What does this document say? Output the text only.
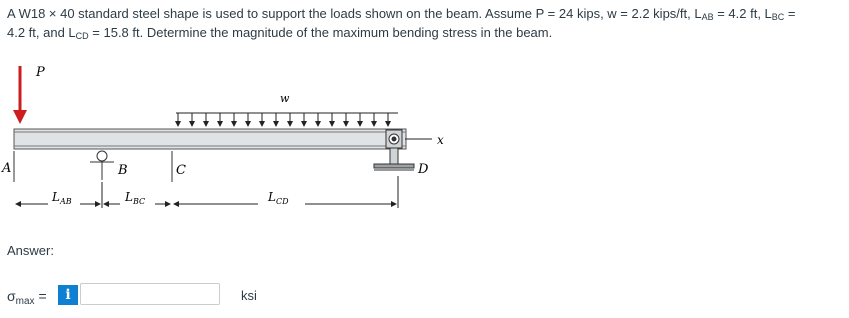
A W18 × 40 standard steel shape is used to support the loads shown on the beam. Assume P = 24 kips, w = 2.2 kips/ft, $L_{AB} = 4.2$ ft, $L_{BC}$ =
4.2 ft, and $L_{CD} = 15.8$ ft. Determine the magnitude of the maximum bending stress in the beam.
P
w
B	C
A	D
x
$L_{AB}$	$L_{BC}$	$L_{CD}$
Answer:
$\sigma_{max}$ =	i	ksi
